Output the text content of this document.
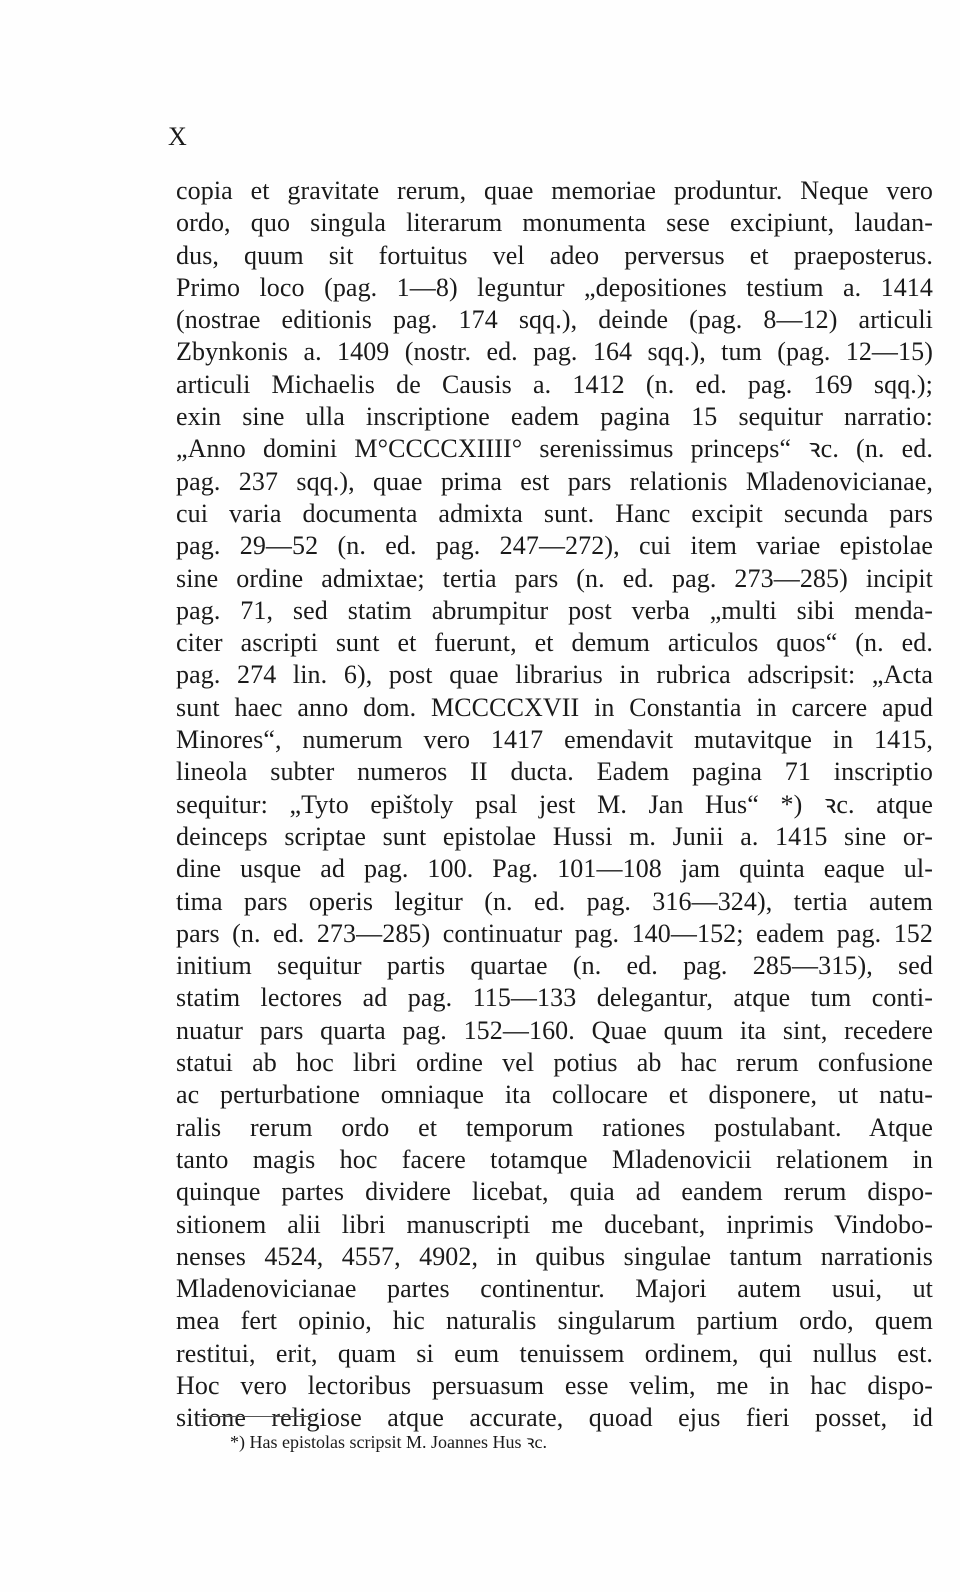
X
copia et gravitate rerum, quae memoriae produntur. Neque vero
ordo, quo singula literarum monumenta sese excipiunt, laudan-
dus, quum sit fortuitus vel adeo perversus et praeposterus.
Primo loco (pag. 1—8) leguntur „depositiones testium a. 1414
(nostrae editionis pag. 174 sqq.), deinde (pag. 8—12) articuli
Zbynkonis a. 1409 (nostr. ed. pag. 164 sqq.), tum (pag. 12—15)
articuli Michaelis de Causis a. 1412 (n. ed. pag. 169 sqq.);
exin sine ulla inscriptione eadem pagina 15 sequitur narratio:
„Anno domini M°CCCCXIIII° serenissimus princeps“ ꝛc. (n. ed.
pag. 237 sqq.), quae prima est pars relationis Mladenovicianae,
cui varia documenta admixta sunt. Hanc excipit secunda pars
pag. 29—52 (n. ed. pag. 247—272), cui item variae epistolae
sine ordine admixtae; tertia pars (n. ed. pag. 273—285) incipit
pag. 71, sed statim abrumpitur post verba „multi sibi menda-
citer ascripti sunt et fuerunt, et demum articulos quos“ (n. ed.
pag. 274 lin. 6), post quae librarius in rubrica adscripsit: „Acta
sunt haec anno dom. MCCCCXVII in Constantia in carcere apud
Minores“, numerum vero 1417 emendavit mutavitque in 1415,
lineola subter numeros II ducta. Eadem pagina 71 inscriptio
sequitur: „Tyto epištoly psal jest M. Jan Hus“ *) ꝛc. atque
deinceps scriptae sunt epistolae Hussi m. Junii a. 1415 sine or-
dine usque ad pag. 100. Pag. 101—108 jam quinta eaque ul-
tima pars operis legitur (n. ed. pag. 316—324), tertia autem
pars (n. ed. 273—285) continuatur pag. 140—152; eadem pag. 152
initium sequitur partis quartae (n. ed. pag. 285—315), sed
statim lectores ad pag. 115—133 delegantur, atque tum conti-
nuatur pars quarta pag. 152—160. Quae quum ita sint, recedere
statui ab hoc libri ordine vel potius ab hac rerum confusione
ac perturbatione omniaque ita collocare et disponere, ut natu-
ralis rerum ordo et temporum rationes postulabant. Atque
tanto magis hoc facere totamque Mladenovicii relationem in
quinque partes dividere licebat, quia ad eandem rerum dispo-
sitionem alii libri manuscripti me ducebant, inprimis Vindobo-
nenses 4524, 4557, 4902, in quibus singulae tantum narrationis
Mladenovicianae partes continentur. Majori autem usui, ut
mea fert opinio, hic naturalis singularum partium ordo, quem
restitui, erit, quam si eum tenuissem ordinem, qui nullus est.
Hoc vero lectoribus persuasum esse velim, me in hac dispo-
sitione religiose atque accurate, quoad ejus fieri posset, id
*) Has epistolas scripsit M. Joannes Hus ꝛc.
